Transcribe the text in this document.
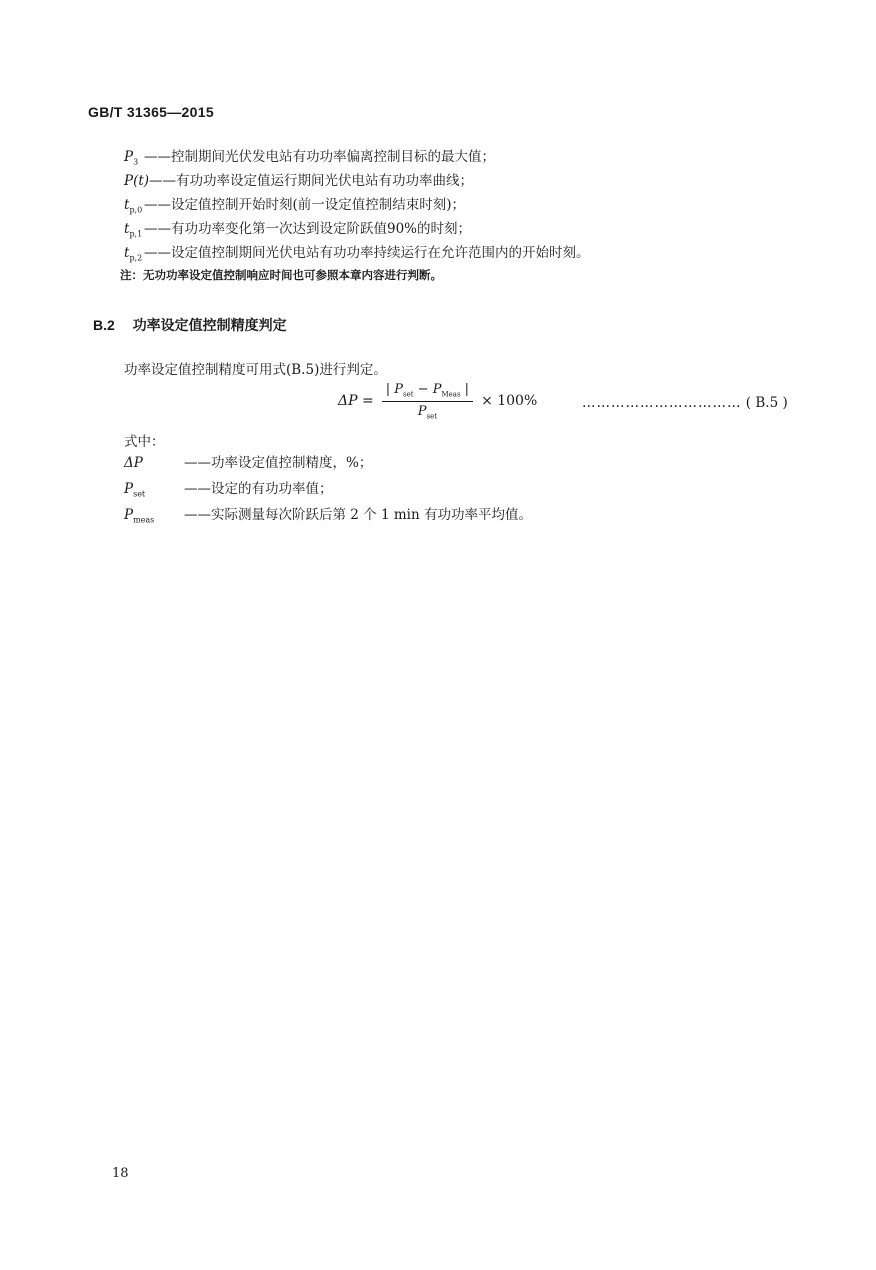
GB/T 31365—2015
$P_3$ ——控制期间光伏发电站有功功率偏离控制目标的最大值；
P(t) ——有功功率设定值运行期间光伏电站有功功率曲线；
$t_{p,0}$ ——设定值控制开始时刻(前一设定值控制结束时刻)；
$t_{p,1}$ ——有功功率变化第一次达到设定阶跃值90%的时刻；
$t_{p,2}$ ——设定值控制期间光伏电站有功功率持续运行在允许范围内的开始时刻。
注：无功功率设定值控制响应时间也可参照本章内容进行判断。
B.2 功率设定值控制精度判定
功率设定值控制精度可用式(B.5)进行判定。
$\Delta P = \frac{| P_{set} - P_{Meas} |}{P_{set}} \times 100\%$	…………………………… ( B.5 )
式中：
ΔP	——功率设定值控制精度，%；
$P_{set}$	——设定的有功功率值；
$P_{meas}$	——实际测量每次阶跃后第 2 个 1 min 有功功率平均值。
18
